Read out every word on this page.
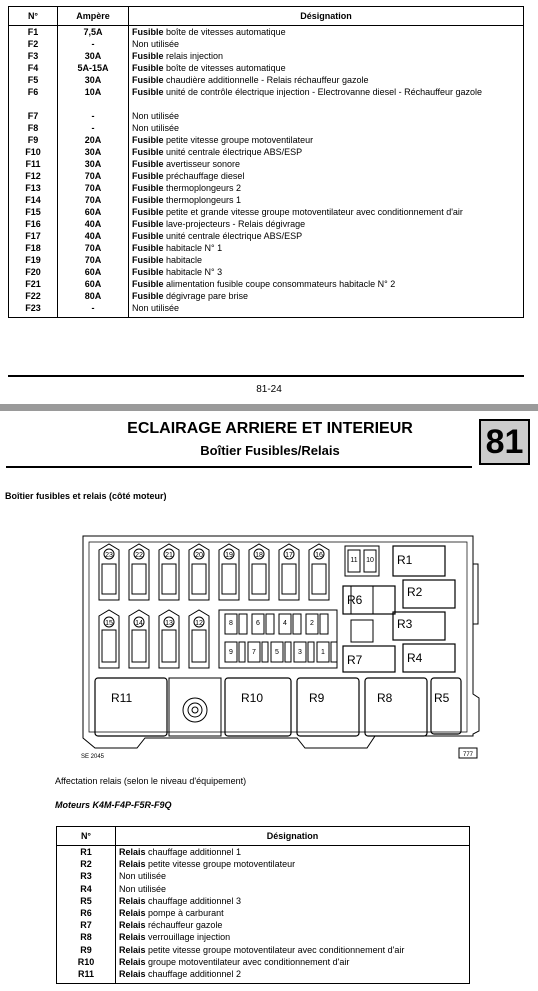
N°	Ampère	Désignation
F1	7,5A	Fusible boîte de vitesses automatique
F2	-	Non utilisée
F3	30A	Fusible relais injection
F4	5A-15A	Fusible boîte de vitesses automatique
F5	30A	Fusible chaudière additionnelle - Relais réchauffeur gazole
F6	10A	Fusible unité de contrôle électrique injection - Electrovanne diesel - Réchauffeur gazole
F7	-	Non utilisée
F8	-	Non utilisée
F9	20A	Fusible petite vitesse groupe motoventilateur
F10	30A	Fusible unité centrale électrique ABS/ESP
F11	30A	Fusible avertisseur sonore
F12	70A	Fusible préchauffage diesel
F13	70A	Fusible thermoplongeurs 2
F14	70A	Fusible thermoplongeurs 1
F15	60A	Fusible petite et grande vitesse groupe motoventilateur avec conditionnement d'air
F16	40A	Fusible lave-projecteurs - Relais dégivrage
F17	40A	Fusible unité centrale électrique ABS/ESP
F18	70A	Fusible habitacle N° 1
F19	70A	Fusible habitacle
F20	60A	Fusible habitacle N° 3
F21	60A	Fusible alimentation fusible coupe consommateurs habitacle N° 2
F22	80A	Fusible dégivrage pare brise
F23	-	Non utilisée
81-24
ECLAIRAGE ARRIERE ET INTERIEUR
Boîtier Fusibles/Relais	81
Boîtier fusibles et relais (côté moteur)
11 10 R1
R2
R3
R4
R6
R7
R11	R10	R9	R8	R5
23	22	21	20	19	18	17	16
15	14	13	12	8	6	4	2
9	7	5	3	1
SE 2045	777
Affectation relais (selon le niveau d'équipement)
Moteurs K4M-F4P-F5R-F9Q
N°	Désignation
R1	Relais chauffage additionnel 1
R2	Relais petite vitesse groupe motoventilateur
R3	Non utilisée
R4	Non utilisée
R5	Relais chauffage additionnel 3
R6	Relais pompe à carburant
R7	Relais réchauffeur gazole
R8	Relais verrouillage injection
R9	Relais petite vitesse groupe motoventilateur avec conditionnement d'air
R10	Relais groupe motoventilateur avec conditionnement d'air
R11	Relais chauffage additionnel 2
